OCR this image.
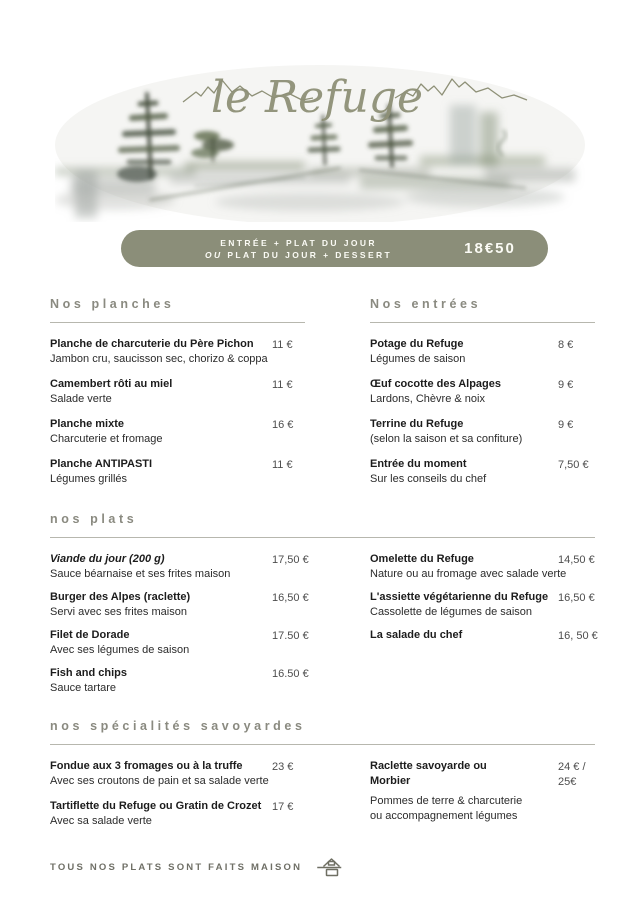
le Refuge
ENTRÉE + PLAT DU JOUR
OU PLAT DU JOUR + DESSERT	18€50
Nos planches
Planche de charcuterie du Père Pichon
Jambon cru, saucisson sec, chorizo & coppa
11 €
Camembert rôti au miel
Salade verte
11 €
Planche mixte
Charcuterie et fromage
16 €
Planche ANTIPASTI
Légumes grillés
11 €
Nos entrées
Potage du Refuge
Légumes de saison
8 €
Œuf cocotte des Alpages
Lardons, Chèvre & noix
9 €
Terrine du Refuge
(selon la saison et sa confiture)
9 €
Entrée du moment
Sur les conseils du chef
7,50 €
nos plats
Viande du jour (200 g)
Sauce béarnaise et ses frites maison
17,50 €
Burger des Alpes (raclette)
Servi avec ses frites maison
16,50 €
Filet de Dorade
Avec ses légumes de saison
17.50 €
Fish and chips
Sauce tartare
16.50 €
Omelette du Refuge
Nature ou au fromage avec salade verte
14,50 €
L'assiette végétarienne du Refuge
Cassolette de légumes de saison
16,50 €
La salade du chef	16, 50 €
nos spécialités savoyardes
Fondue aux 3 fromages ou à la truffe
Avec ses croutons de pain et sa salade verte
23 €
Tartiflette du Refuge ou Gratin de Crozet
Avec sa salade verte
17 €
Raclette savoyarde ou Morbier
Pommes de terre & charcuterie ou accompagnement légumes
24 € /
25€
TOUS NOS PLATS SONT FAITS MAISON
